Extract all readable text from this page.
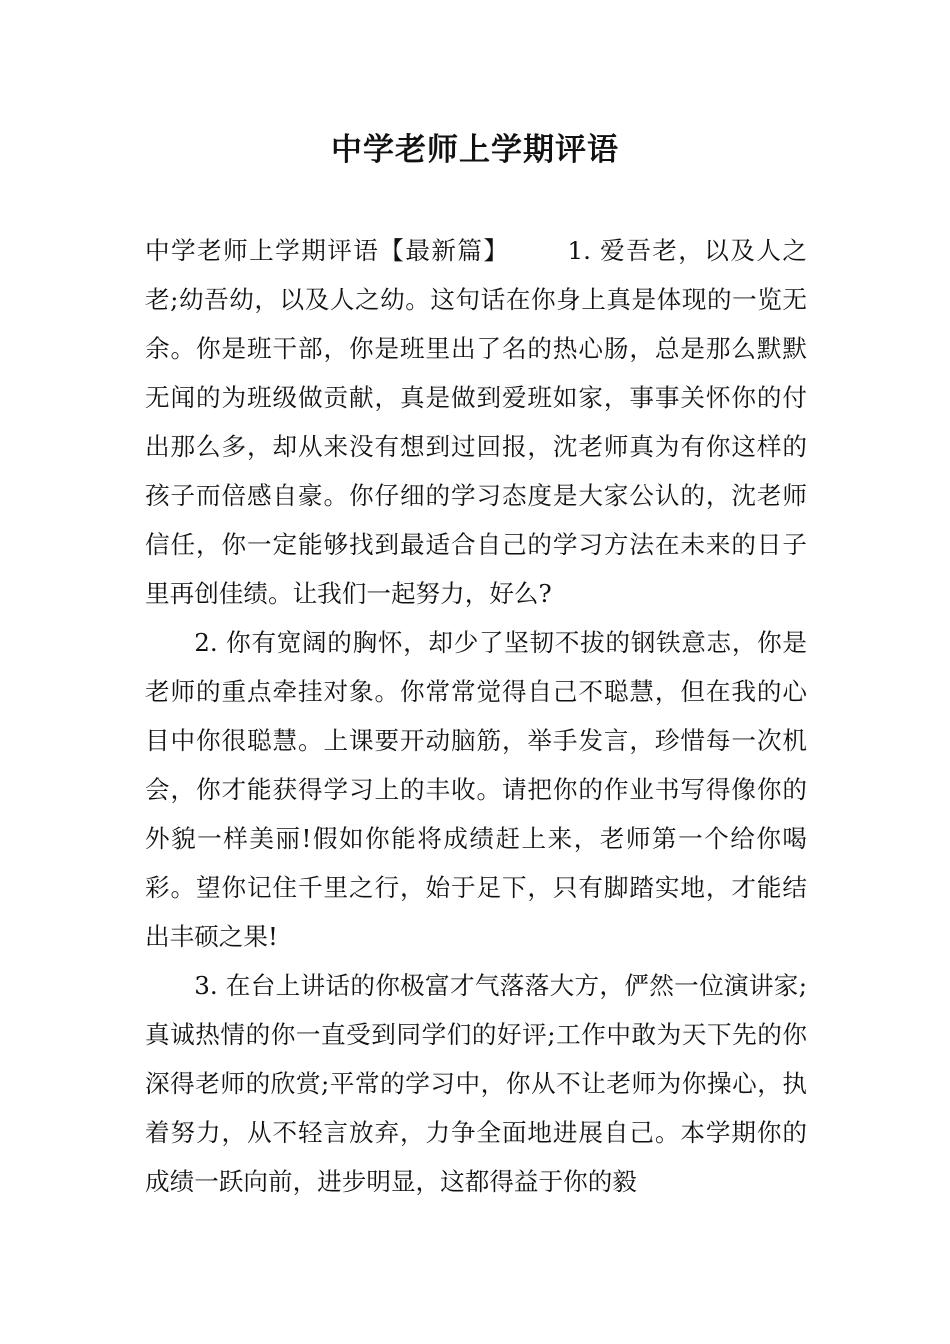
中学老师上学期评语

中学老师上学期评语【最新篇】 1. 爱吾老，以及人之老;幼吾幼，以及人之幼。这句话在你身上真是体现的一览无余。你是班干部，你是班里出了名的热心肠，总是那么默默无闻的为班级做贡献，真是做到爱班如家，事事关怀你的付出那么多，却从来没有想到过回报，沈老师真为有你这样的孩子而倍感自豪。你仔细的学习态度是大家公认的，沈老师信任，你一定能够找到最适合自己的学习方法在未来的日子里再创佳绩。让我们一起努力，好么?

2. 你有宽阔的胸怀，却少了坚韧不拔的钢铁意志，你是老师的重点牵挂对象。你常常觉得自己不聪慧，但在我的心目中你很聪慧。上课要开动脑筋，举手发言，珍惜每一次机会，你才能获得学习上的丰收。请把你的作业书写得像你的外貌一样美丽!假如你能将成绩赶上来，老师第一个给你喝彩。望你记住千里之行，始于足下，只有脚踏实地，才能结出丰硕之果!

3. 在台上讲话的你极富才气落落大方，俨然一位演讲家;真诚热情的你一直受到同学们的好评;工作中敢为天下先的你深得老师的欣赏;平常的学习中，你从不让老师为你操心，执着努力，从不轻言放弃，力争全面地进展自己。本学期你的成绩一跃向前，进步明显，这都得益于你的毅
